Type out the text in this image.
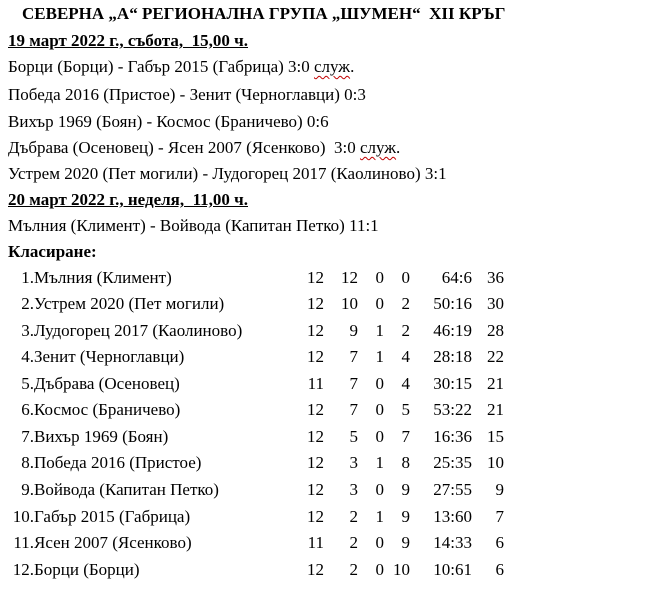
СЕВЕРНА „А“ РЕГИОНАЛНА ГРУПА „ШУМЕН“  XII КРЪГ
19 март 2022 г., събота,  15,00 ч.
Борци (Борци) - Габър 2015 (Габрица) 3:0 служ.
Победа 2016 (Пристое) - Зенит (Черноглавци) 0:3
Вихър 1969 (Боян) - Космос (Браничево) 0:6
Дъбрава (Осеновец) - Ясен 2007 (Ясенково)  3:0 служ.
Устрем 2020 (Пет могили) - Лудогорец 2017 (Каолиново) 3:1
20 март 2022 г., неделя,  11,00 ч.
Мълния (Климент) - Войвода (Капитан Петко) 11:1
Класиране:
1. Мълния (Климент)	12	12	0	0	64:6 36
2. Устрем 2020 (Пет могили)	12	10	0	2	50:16 30
3. Лудогорец 2017 (Каолиново)	12	9	1	2	46:19 28
4. Зенит (Черноглавци)	12	7	1	4	28:18 22
5. Дъбрава (Осеновец)	11	7	0	4	30:15 21
6. Космос (Браничево)	12	7	0	5	53:22 21
7. Вихър 1969 (Боян)	12	5	0	7	16:36 15
8. Победа 2016 (Пристое)	12	3	1	8	25:35 10
9. Войвода (Капитан Петко)	12	3	0	9	27:55	9
10. Габър 2015 (Габрица)	12	2	1	9	13:60	7
11. Ясен 2007 (Ясенково)	11	2	0	9	14:33	6
12. Борци (Борци)	12	2	0 10	10:61	6
